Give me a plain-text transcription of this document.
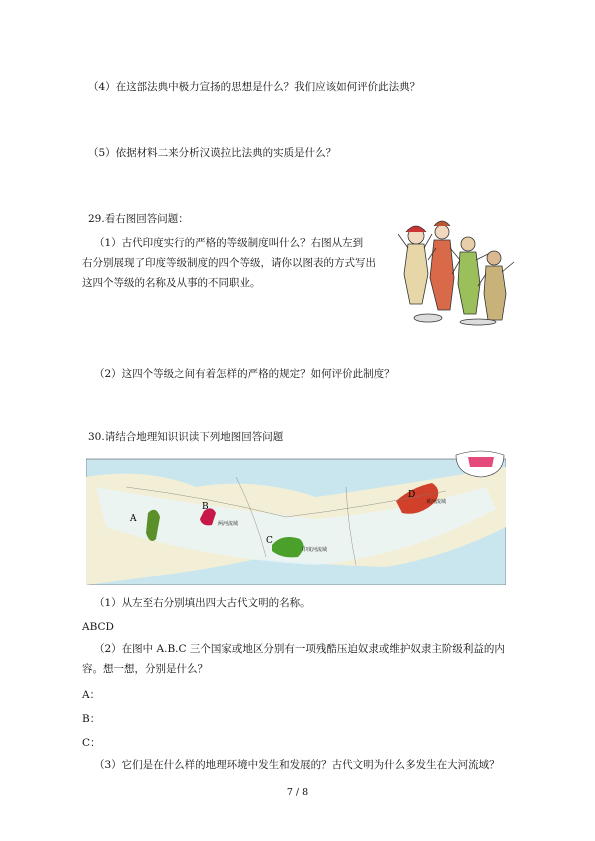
（4）在这部法典中极力宣扬的思想是什么？我们应该如何评价此法典？
（5）依据材料二来分析汉谟拉比法典的实质是什么？
29.看右图回答问题：
（1）古代印度实行的严格的等级制度叫什么？右图从左到
右分别展现了印度等级制度的四个等级，请你以图表的方式写出
这四个等级的名称及从事的不同职业。
（2）这四个等级之间有着怎样的严格的规定？如何评价此制度？
30.请结合地理知识识读下列地图回答问题
A
B
C
D
两河流域
印度河流域
黄河流域
（1）从左至右分别填出四大古代文明的名称。
ABCD
（2）在图中 A.B.C 三个国家或地区分别有一项残酷压迫奴隶或维护奴隶主阶级利益的内
容。想一想，分别是什么？
A：
B：
C：
（3）它们是在什么样的地理环境中发生和发展的？古代文明为什么多发生在大河流域？
7 / 8
